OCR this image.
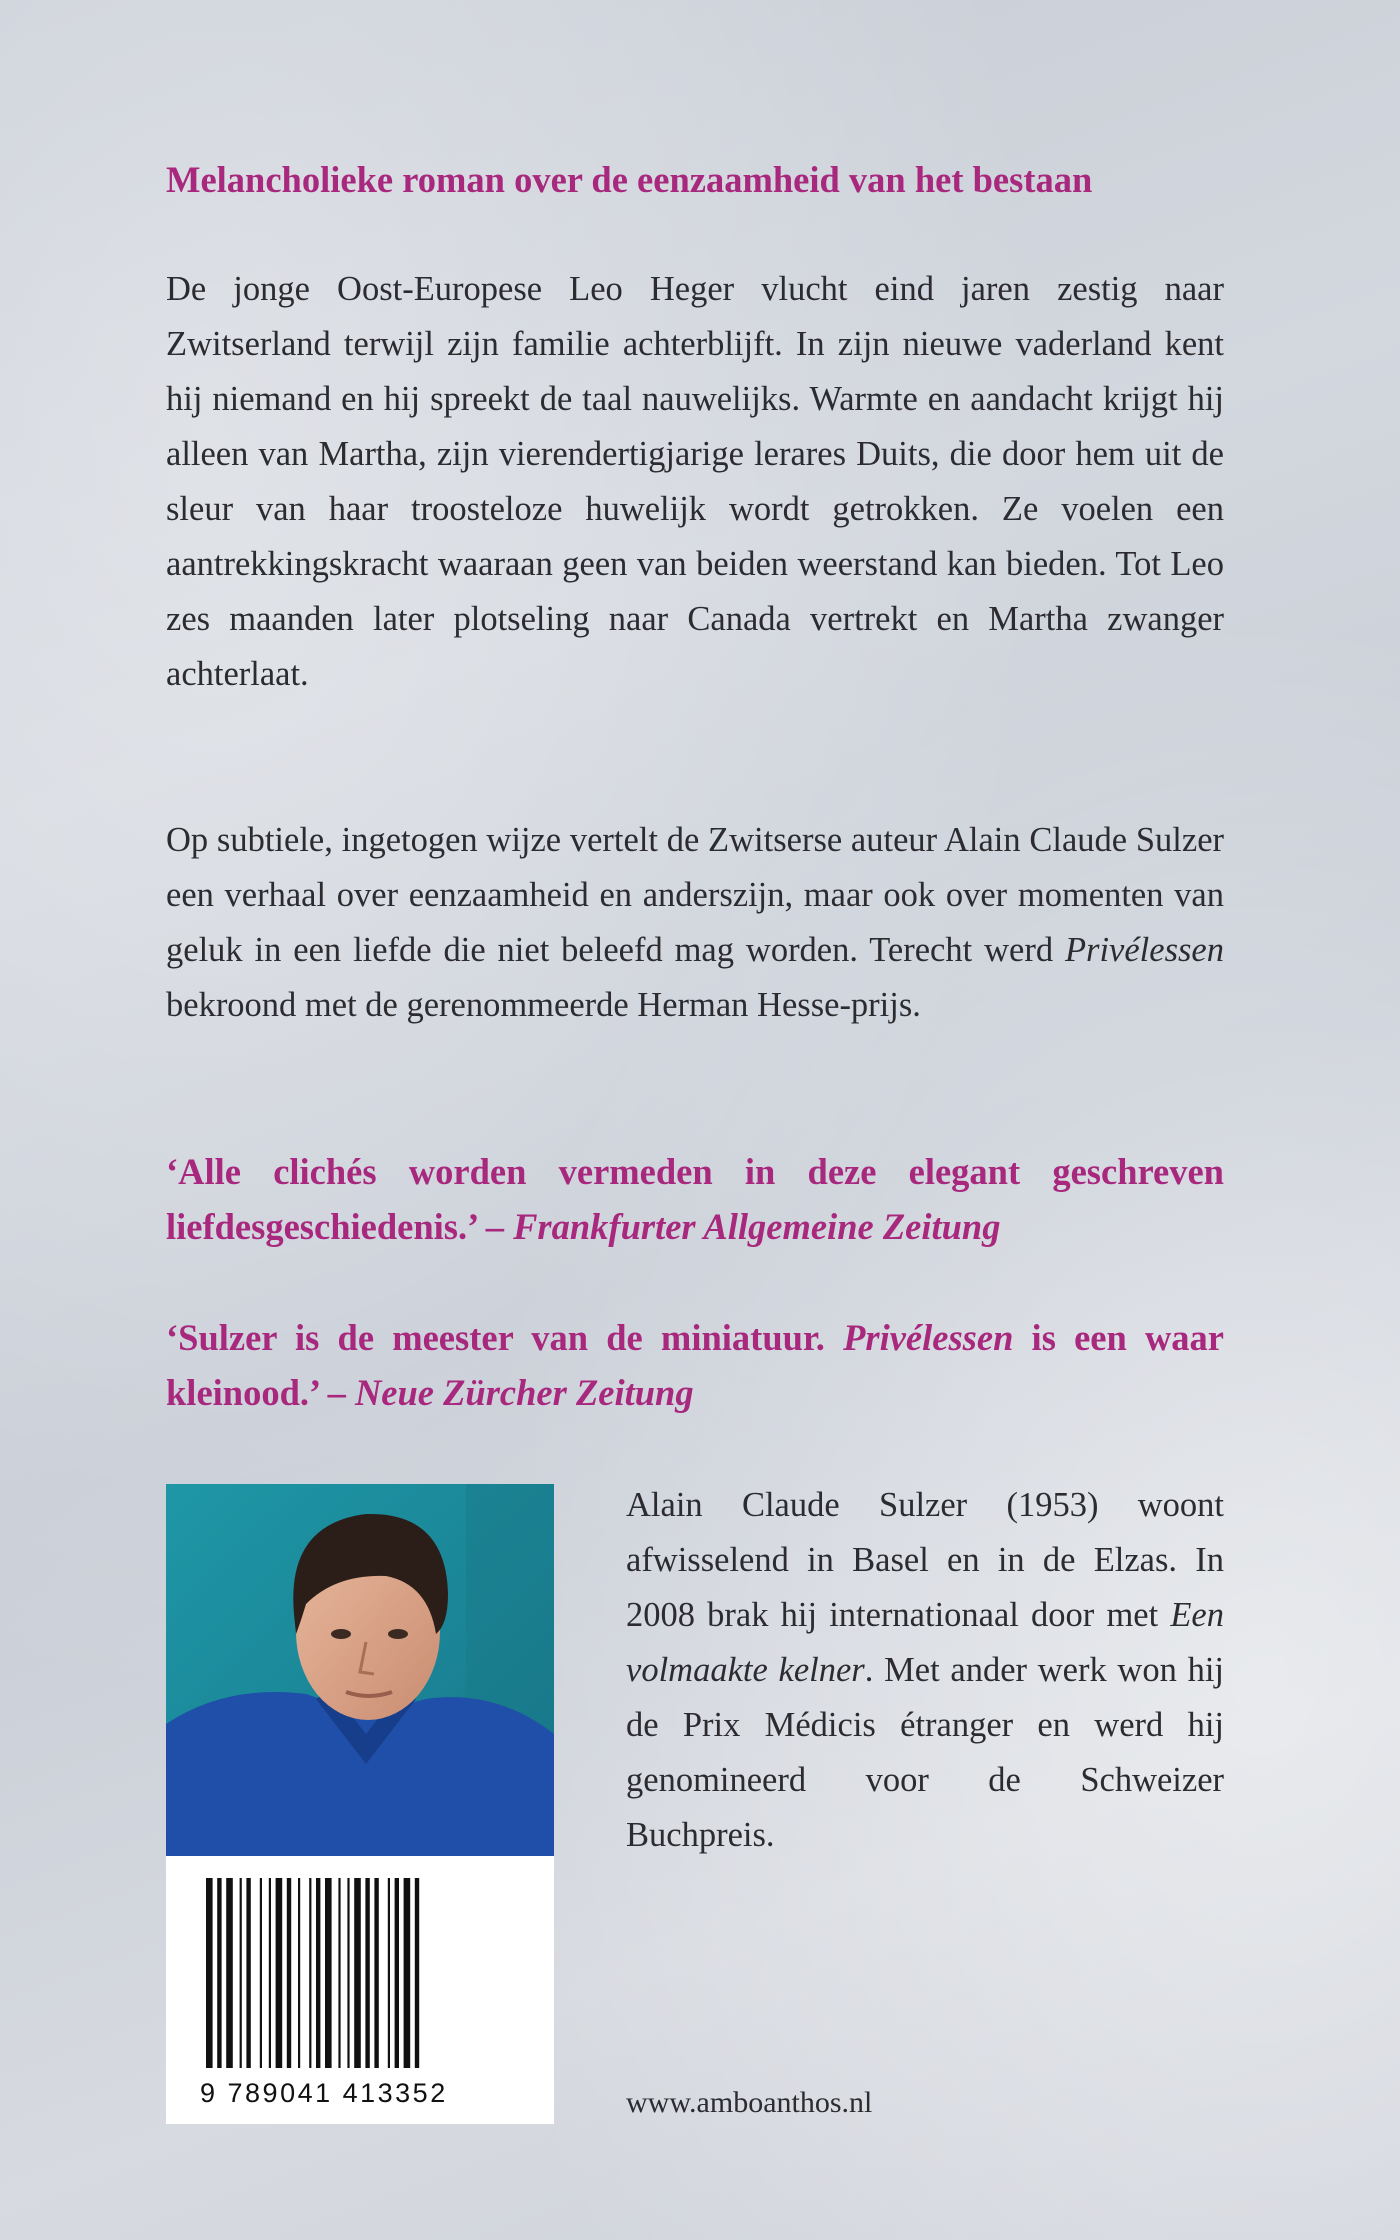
Melancholieke roman over de eenzaamheid van het bestaan

De jonge Oost-Europese Leo Heger vlucht eind jaren zestig naar Zwitserland terwijl zijn familie achterblijft. In zijn nieuwe vaderland kent hij niemand en hij spreekt de taal nauwelijks. Warmte en aandacht krijgt hij alleen van Martha, zijn vierendertigjarige lerares Duits, die door hem uit de sleur van haar troosteloze huwelijk wordt getrokken. Ze voelen een aantrekkingskracht waaraan geen van beiden weerstand kan bieden. Tot Leo zes maanden later plotseling naar Canada vertrekt en Martha zwanger achterlaat.

Op subtiele, ingetogen wijze vertelt de Zwitserse auteur Alain Claude Sulzer een verhaal over eenzaamheid en anderszijn, maar ook over momenten van geluk in een liefde die niet beleefd mag worden. Terecht werd Privélessen bekroond met de gerenommeerde Herman Hesse-prijs.

‘Alle clichés worden vermeden in deze elegant geschreven liefdesgeschiedenis.’ – Frankfurter Allgemeine Zeitung

‘Sulzer is de meester van de miniatuur. Privélessen is een waar kleinood.’ – Neue Zürcher Zeitung

9 789041 413352

Alain Claude Sulzer (1953) woont afwisselend in Basel en in de Elzas. In 2008 brak hij internationaal door met Een volmaakte kelner. Met ander werk won hij de Prix Médicis étranger en werd hij genomineerd voor de Schweizer Buchpreis.

www.amboanthos.nl
